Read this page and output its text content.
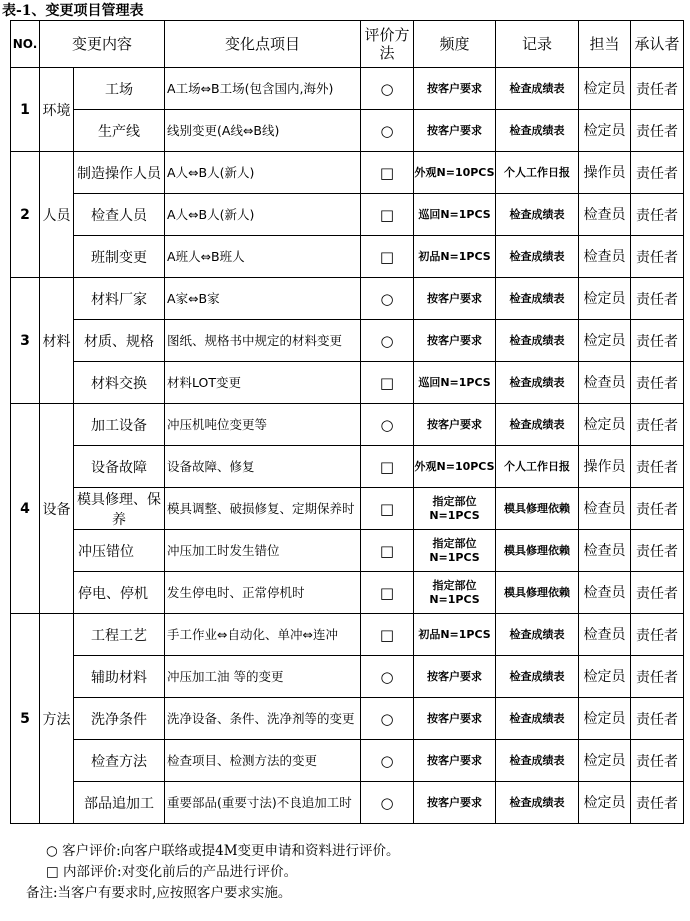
表-1、变更项目管理表
NO.	变更内容		变化点项目	评价方法	频度	记录	担当	承认者
1	环境	工场	A工场⇔B工场(包含国内,海外)	○	按客户要求	检查成绩表	检定员	责任者
		生产线	线别变更(A线⇔B线)	○	按客户要求	检查成绩表	检定员	责任者
2	人员	制造操作人员	A人⇔B人(新人)	□	外观N=10PCS	个人工作日报	操作员	责任者
		检查人员	A人⇔B人(新人)	□	巡回N=1PCS	检查成绩表	检查员	责任者
		班制变更	A班人⇔B班人	□	初品N=1PCS	检查成绩表	检查员	责任者
3	材料	材料厂家	A家⇔B家	○	按客户要求	检查成绩表	检定员	责任者
		材质、规格	图纸、规格书中规定的材料变更	○	按客户要求	检查成绩表	检定员	责任者
		材料交换	材料LOT变更	□	巡回N=1PCS	检查成绩表	检查员	责任者
4	设备	加工设备	冲压机吨位变更等	○	按客户要求	检查成绩表	检定员	责任者
		设备故障	设备故障、修复	□	外观N=10PCS	个人工作日报	操作员	责任者
		模具修理、保养	模具调整、破损修复、定期保养时	□	指定部位N=1PCS	模具修理依赖	检查员	责任者
		冲压错位	冲压加工时发生错位	□	指定部位N=1PCS	模具修理依赖	检查员	责任者
		停电、停机	发生停电时、正常停机时	□	指定部位N=1PCS	模具修理依赖	检查员	责任者
5	方法	工程工艺	手工作业⇔自动化、单冲⇔连冲	□	初品N=1PCS	检查成绩表	检查员	责任者
		辅助材料	冲压加工油 等的变更	○	按客户要求	检查成绩表	检定员	责任者
		洗净条件	洗净设备、条件、洗净剂等的变更	○	按客户要求	检查成绩表	检定员	责任者
		检查方法	检查项目、检测方法的变更	○	按客户要求	检查成绩表	检定员	责任者
		部品追加工	重要部品(重要寸法)不良追加工时	○	按客户要求	检查成绩表	检定员	责任者
○ 客户评价:向客户联络或提4M变更申请和资料进行评价。
□ 内部评价:对变化前后的产品进行评价。
备注:当客户有要求时,应按照客户要求实施。
